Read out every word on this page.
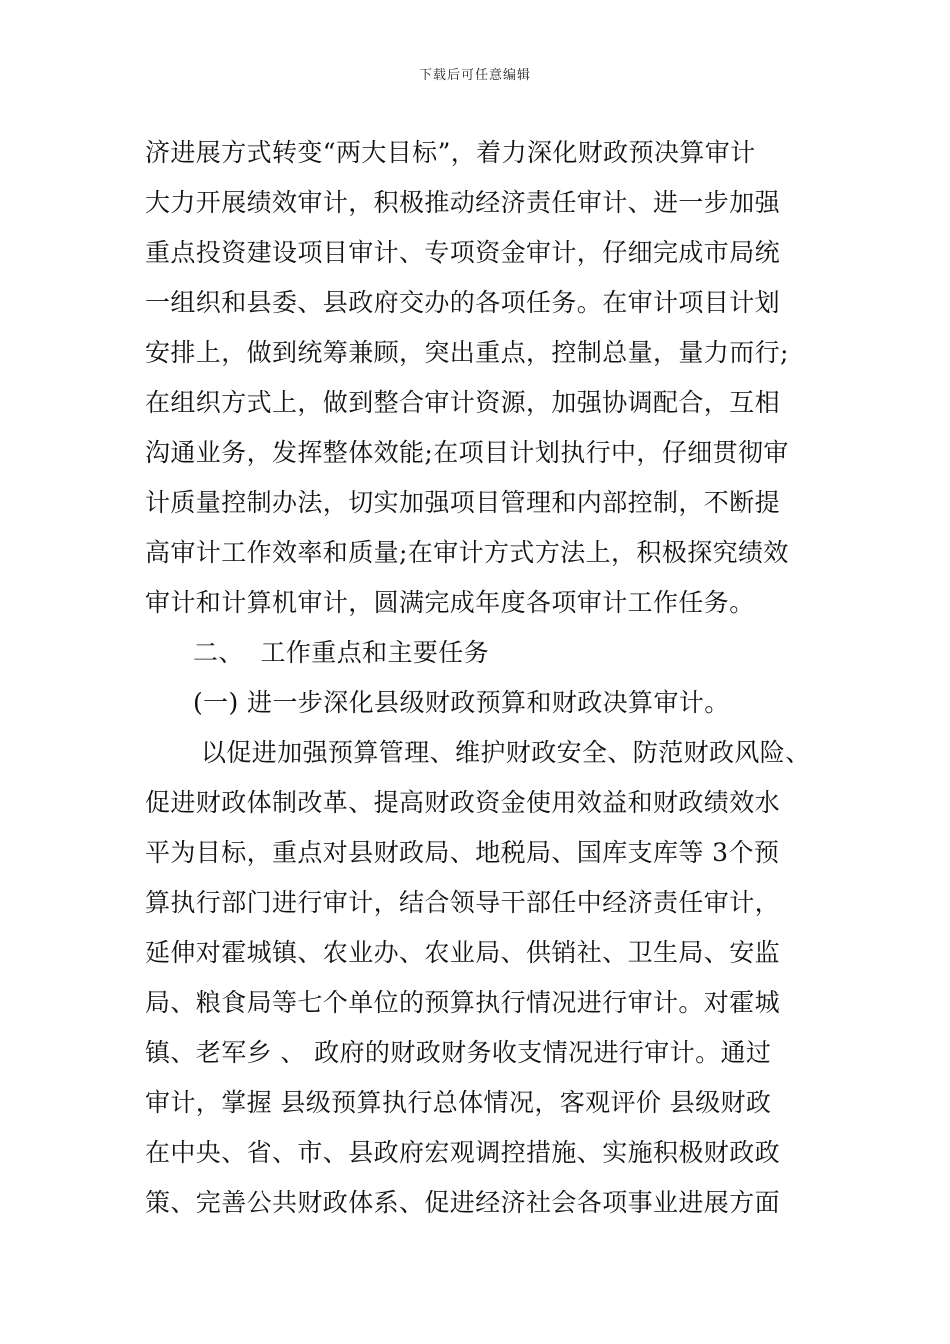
下载后可任意编辑
济进展方式转变“两大目标”，着力深化财政预决算审计
大力开展绩效审计，积极推动经济责任审计、进一步加强
重点投资建设项目审计、专项资金审计，仔细完成市局统
一组织和县委、县政府交办的各项任务。在审计项目计划
安排上，做到统筹兼顾，突出重点，控制总量，量力而行;
在组织方式上，做到整合审计资源，加强协调配合，互相
沟通业务，发挥整体效能;在项目计划执行中，仔细贯彻审
计质量控制办法，切实加强项目管理和内部控制，不断提
高审计工作效率和质量;在审计方式方法上，积极探究绩效
审计和计算机审计，圆满完成年度各项审计工作任务。
二、  工作重点和主要任务
(一) 进一步深化县级财政预算和财政决算审计。
以促进加强预算管理、维护财政安全、防范财政风险、
促进财政体制改革、提高财政资金使用效益和财政绩效水
平为目标，重点对县财政局、地税局、国库支库等 3个预
算执行部门进行审计，结合领导干部任中经济责任审计，
延伸对霍城镇、农业办、农业局、供销社、卫生局、安监
局、粮食局等七个单位的预算执行情况进行审计。对霍城
镇、老军乡 、 政府的财政财务收支情况进行审计。通过
审计，掌握 县级预算执行总体情况，客观评价 县级财政
在中央、省、市、县政府宏观调控措施、实施积极财政政
策、完善公共财政体系、促进经济社会各项事业进展方面
